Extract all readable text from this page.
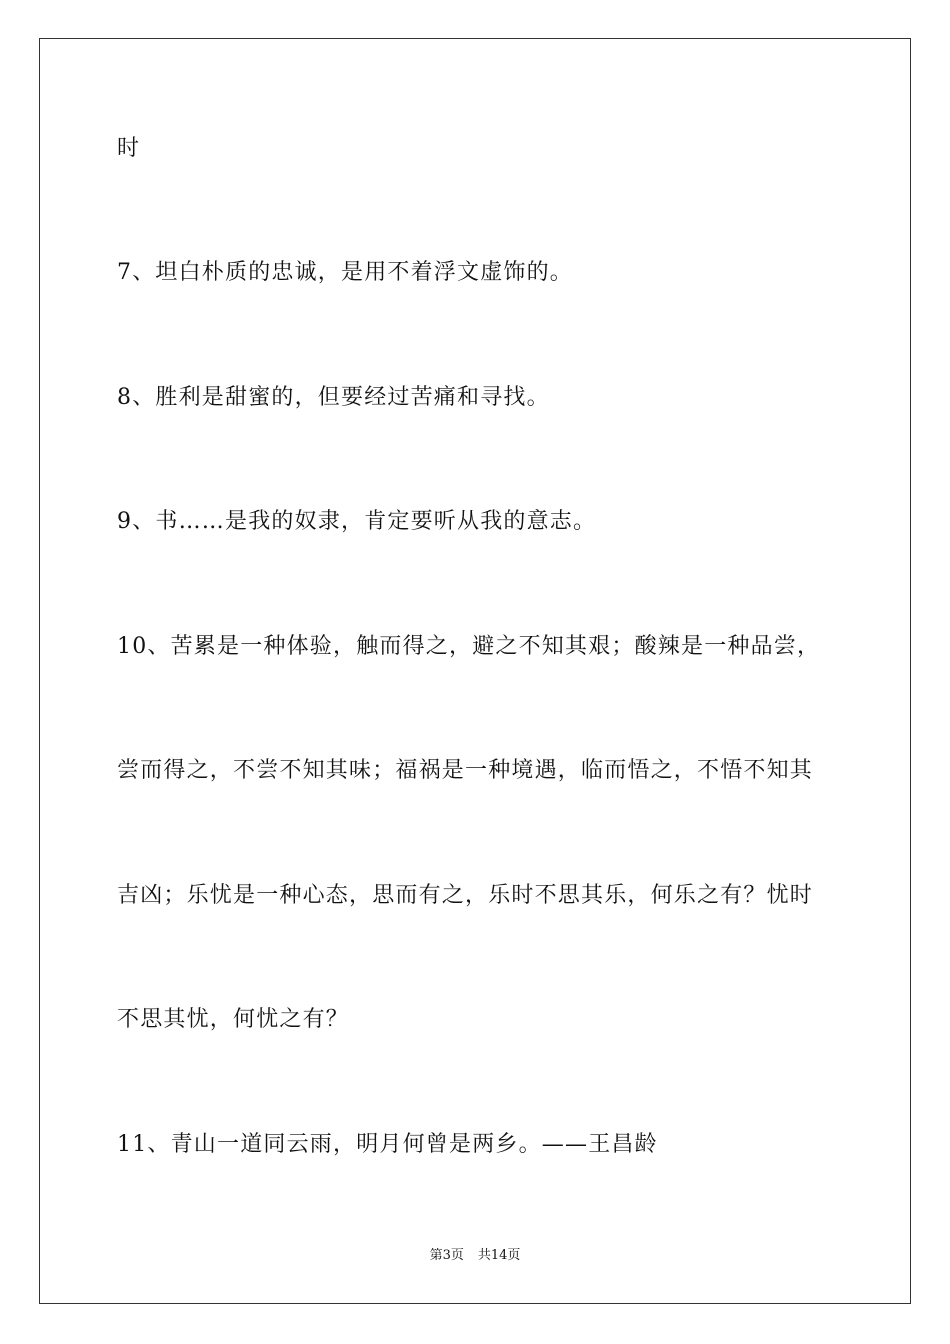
时
7、坦白朴质的忠诚，是用不着浮文虚饰的。
8、胜利是甜蜜的，但要经过苦痛和寻找。
9、书……是我的奴隶，肯定要听从我的意志。
10、苦累是一种体验，触而得之，避之不知其艰；酸辣是一种品尝，
尝而得之，不尝不知其味；福祸是一种境遇，临而悟之，不悟不知其
吉凶；乐忧是一种心态，思而有之，乐时不思其乐，何乐之有？忧时
不思其忧，何忧之有？
11、青山一道同云雨，明月何曾是两乡。——王昌龄
第3页 共14页
